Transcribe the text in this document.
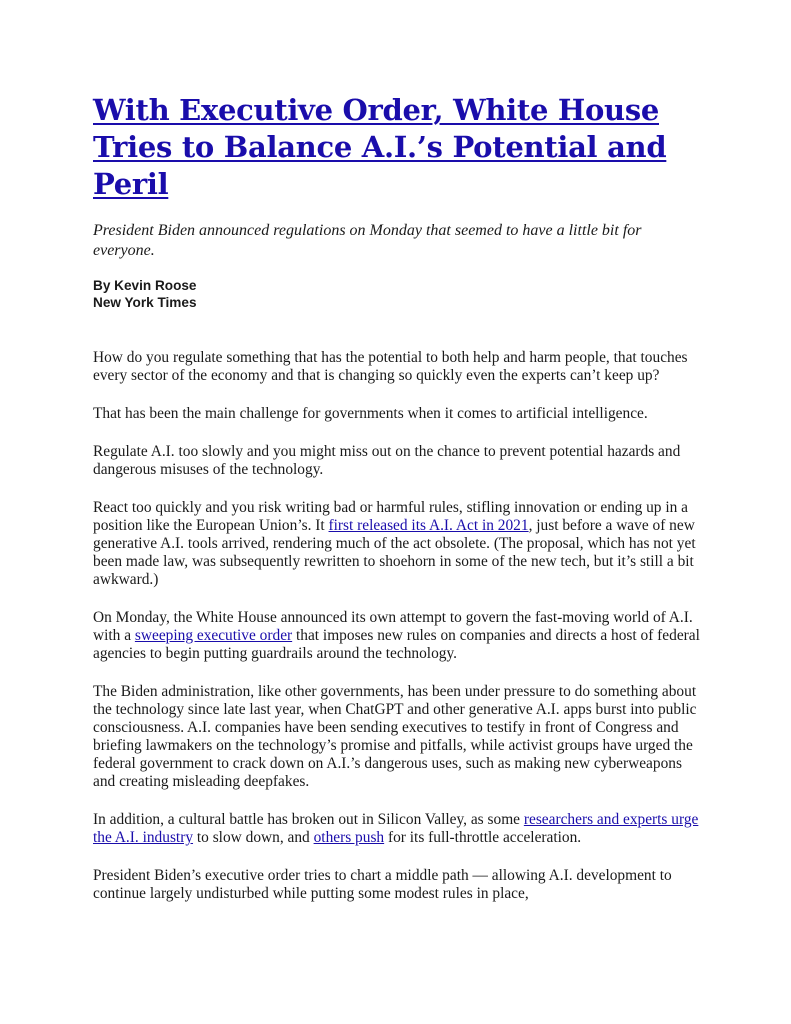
With Executive Order, White House Tries to Balance A.I.’s Potential and Peril

President Biden announced regulations on Monday that seemed to have a little bit for everyone.

By Kevin Roose
New York Times

How do you regulate something that has the potential to both help and harm people, that touches every sector of the economy and that is changing so quickly even the experts can’t keep up?

That has been the main challenge for governments when it comes to artificial intelligence.

Regulate A.I. too slowly and you might miss out on the chance to prevent potential hazards and dangerous misuses of the technology.

React too quickly and you risk writing bad or harmful rules, stifling innovation or ending up in a position like the European Union’s. It first released its A.I. Act in 2021, just before a wave of new generative A.I. tools arrived, rendering much of the act obsolete. (The proposal, which has not yet been made law, was subsequently rewritten to shoehorn in some of the new tech, but it’s still a bit awkward.)

On Monday, the White House announced its own attempt to govern the fast-moving world of A.I. with a sweeping executive order that imposes new rules on companies and directs a host of federal agencies to begin putting guardrails around the technology.

The Biden administration, like other governments, has been under pressure to do something about the technology since late last year, when ChatGPT and other generative A.I. apps burst into public consciousness. A.I. companies have been sending executives to testify in front of Congress and briefing lawmakers on the technology’s promise and pitfalls, while activist groups have urged the federal government to crack down on A.I.’s dangerous uses, such as making new cyberweapons and creating misleading deepfakes.

In addition, a cultural battle has broken out in Silicon Valley, as some researchers and experts urge the A.I. industry to slow down, and others push for its full-throttle acceleration.

President Biden’s executive order tries to chart a middle path — allowing A.I. development to continue largely undisturbed while putting some modest rules in place,
